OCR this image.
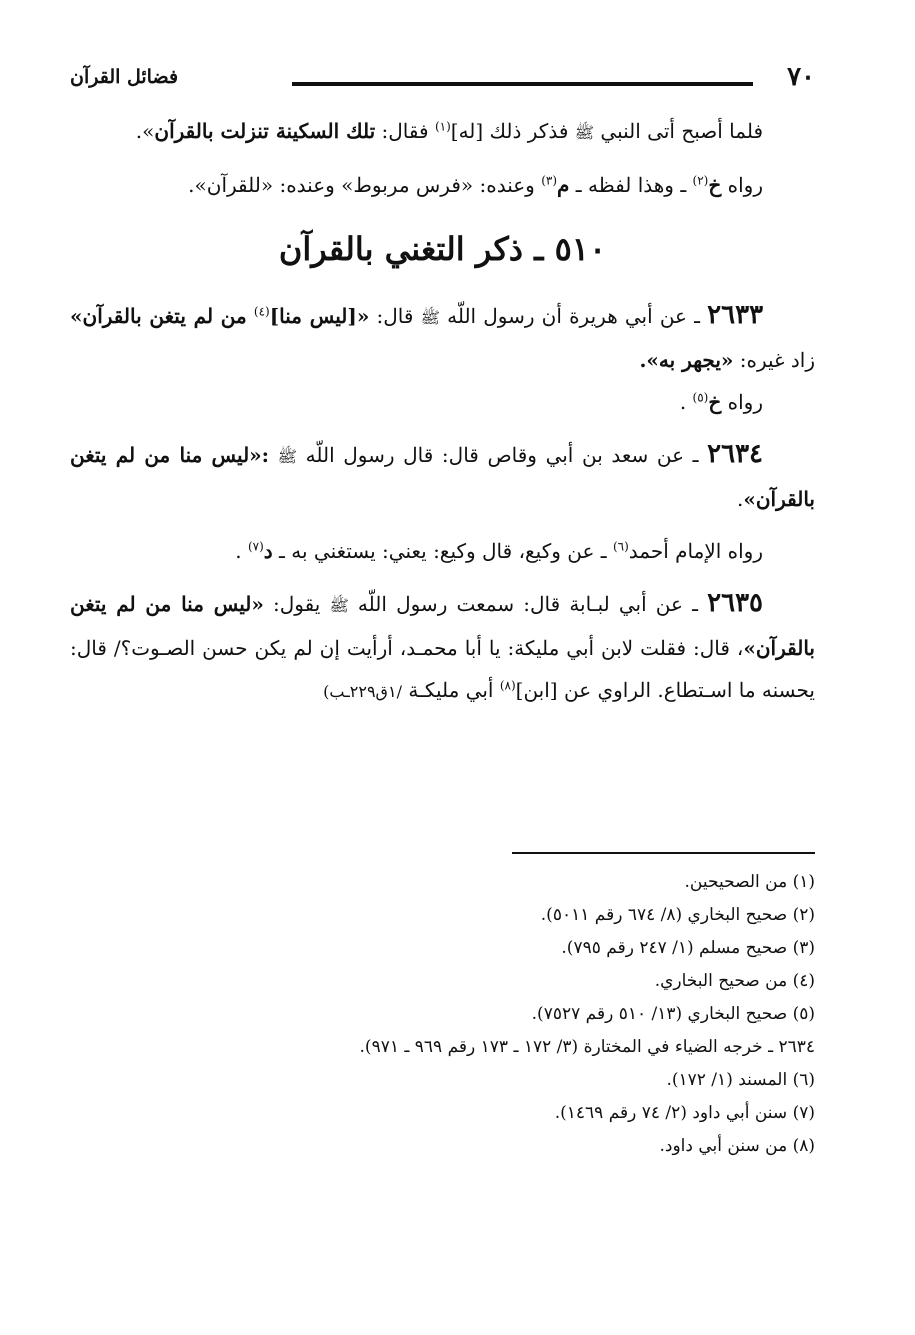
٧٠
فضائل القرآن

فلما أصبح أتى النبي ﷺ فذكر ذلك [له]$^{(١)}$ فقال: تلك السكينة تنزلت بالقرآن».

رواه خ$^{(٢)}$ ـ وهذا لفظه ـ م$^{(٣)}$ وعنده: «فرس مربوط» وعنده: «للقرآن».

٥١٠ ـ ذكر التغني بالقرآن

٢٦٣٣ ـ عن أبي هريرة أن رسول اللّه ﷺ قال: «[ليس منا]$^{(٤)}$ من لم يتغن بالقرآن» زاد غيره: «يجهر به».

رواه خ$^{(٥)}$ .

٢٦٣٤ ـ عن سعد بن أبي وقاص قال: قال رسول اللّه ﷺ :«ليس منا من لم يتغن بالقرآن».

رواه الإمام أحمد$^{(٦)}$ ـ عن وكيع، قال وكيع: يعني: يستغني به ـ د$^{(٧)}$ .

٢٦٣٥ ـ عن أبي لبـابة قال: سمعت رسول اللّه ﷺ يقول: «ليس منا من لم يتغن بالقرآن»، قال: فقلت لابن أبي مليكة: يا أبا محمـد، أرأيت إن لم يكن حسن الصـوت؟/ قال: يحسنه ما اسـتطاع. الراوي عن [ابن]$^{(٨)}$ أبي مليكـة /١ق٢٢٩ـب)

(١) من الصحيحين.

(٢) صحيح البخاري (٨/ ٦٧٤ رقم ٥٠١١).

(٣) صحيح مسلم (١/ ٢٤٧ رقم ٧٩٥).

(٤) من صحيح البخاري.

(٥) صحيح البخاري (١٣/ ٥١٠ رقم ٧٥٢٧).

٢٦٣٤ ـ خرجه الضياء في المختارة (٣/ ١٧٢ ـ ١٧٣ رقم ٩٦٩ ـ ٩٧١).

(٦) المسند (١/ ١٧٢).

(٧) سنن أبي داود (٢/ ٧٤ رقم ١٤٦٩).

(٨) من سنن أبي داود.
